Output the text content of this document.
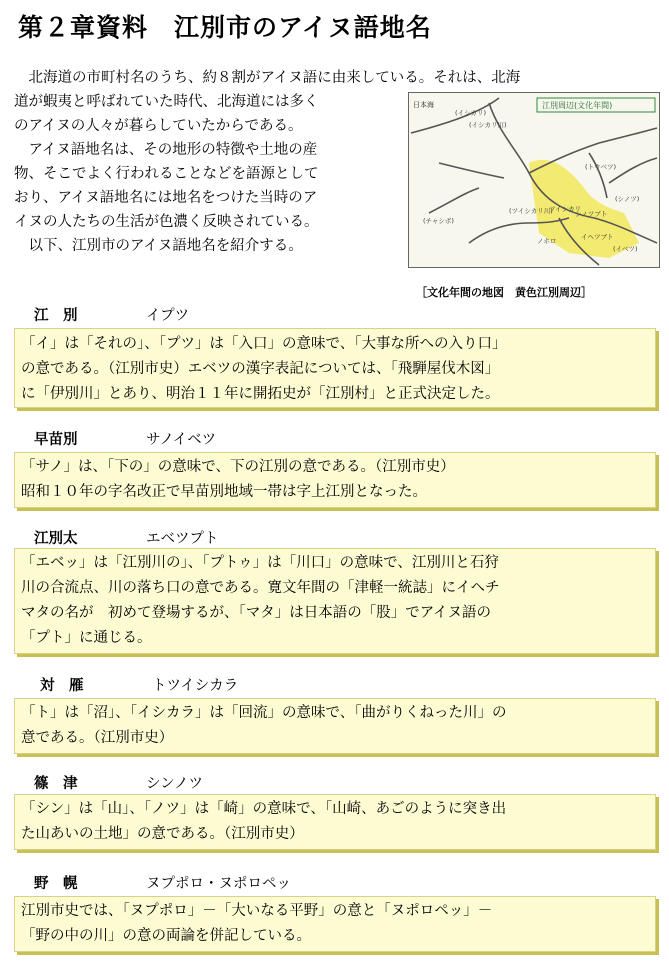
第２章資料　江別市のアイヌ語地名
　北海道の市町村名のうち、約８割がアイヌ語に由来している。それは、北海
道が蝦夷と呼ばれていた時代、北海道には多く
のアイヌの人々が暮らしていたからである。
　アイヌ語地名は、その地形の特徴や土地の産
物、そこでよく行われることなどを語源として
おり、アイヌ語地名には地名をつけた当時のア
イヌの人たちの生活が色濃く反映されている。
　以下、江別市のアイヌ語地名を紹介する。
江別周辺(文化年間)
日本海
(イシカリ)
(イシカリ川)
(トウベツ)
(シノツ)
(ツイシカリ川)
ツイシカリ
シノツブト
ノホロ
(チャシボ)
イヘツブト
(イベツ)
［文化年間の地図　黄色江別周辺］
江　別	イプツ
「イ」は「それの」、「プツ」は「入口」の意味で、「大事な所への入り口」
の意である。（江別市史）エベツの漢字表記については、「飛騨屋伐木図」
に「伊別川」とあり、明治１１年に開拓史が「江別村」と正式決定した。
早苗別	サノイベツ
「サノ」は、「下の」の意味で、下の江別の意である。（江別市史）
昭和１０年の字名改正で早苗別地域一帯は字上江別となった。
江別太	エベツプト
「エベッ」は「江別川の」、「プトゥ」は「川口」の意味で、江別川と石狩
川の合流点、川の落ち口の意である。寛文年間の「津軽一統誌」にイヘチ
マタの名が　初めて登場するが、「マタ」は日本語の「股」でアイヌ語の
「プト」に通じる。
対　雁	トツイシカラ
「ト」は「沼」、「イシカラ」は「回流」の意味で、「曲がりくねった川」の
意である。（江別市史）
篠　津	シンノツ
「シン」は「山」、「ノツ」は「崎」の意味で、「山崎、あごのように突き出
た山あいの土地」の意である。（江別市史）
野　幌	ヌプポロ・ヌポロペッ
江別市史では、「ヌプポロ」－「大いなる平野」の意と「ヌポロペッ」－
「野の中の川」の意の両論を併記している。
